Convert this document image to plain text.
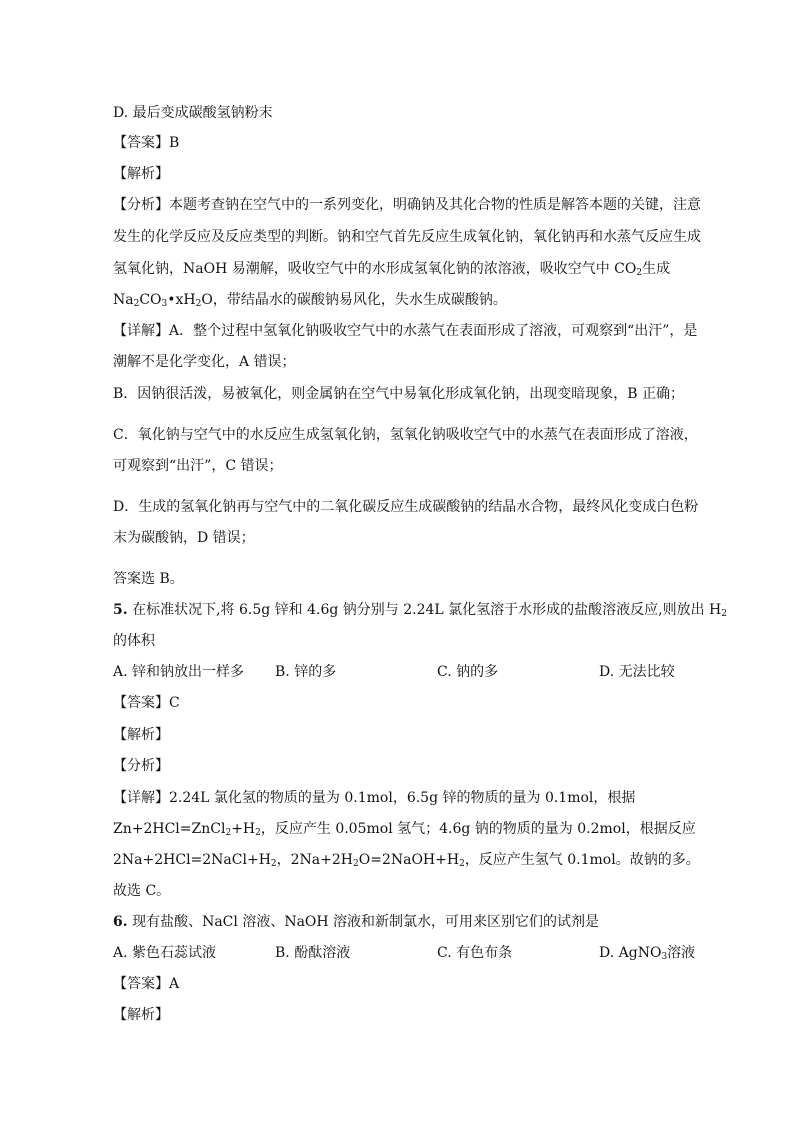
D. 最后变成碳酸氢钠粉末
【答案】B
【解析】
【分析】本题考查钠在空气中的一系列变化，明确钠及其化合物的性质是解答本题的关键，注意
发生的化学反应及反应类型的判断。钠和空气首先反应生成氧化钠，氧化钠再和水蒸气反应生成
氢氧化钠，NaOH 易潮解，吸收空气中的水形成氢氧化钠的浓溶液，吸收空气中 $CO_2$生成
$Na_2CO_3•xH_2O$，带结晶水的碳酸钠易风化，失水生成碳酸钠。
【详解】A．整个过程中氢氧化钠吸收空气中的水蒸气在表面形成了溶液，可观察到“出汗”，是
潮解不是化学变化，A 错误；
B．因钠很活泼，易被氧化，则金属钠在空气中易氧化形成氧化钠，出现变暗现象，B 正确；
C．氧化钠与空气中的水反应生成氢氧化钠，氢氧化钠吸收空气中的水蒸气在表面形成了溶液，
可观察到“出汗”，C 错误；
D．生成的氢氧化钠再与空气中的二氧化碳反应生成碳酸钠的结晶水合物，最终风化变成白色粉
末为碳酸钠，D 错误；
答案选 B。
5. 在标准状况下,将 6.5g 锌和 4.6g 钠分别与 2.24L 氯化氢溶于水形成的盐酸溶液反应,则放出 $H_2$
的体积
A. 锌和钠放出一样多 B. 锌的多	C. 钠的多	D. 无法比较
【答案】C
【解析】
【分析】
【详解】2.24L 氯化氢的物质的量为 0.1mol，6.5g 锌的物质的量为 0.1mol，根据
$Zn+2HCl=ZnCl_2+H_2$，反应产生 0.05mol 氢气；4.6g 钠的物质的量为 0.2mol，根据反应
$2Na+2HCl=2NaCl+H_2$，$2Na+2H_2O=2NaOH+H_2$，反应产生氢气 0.1mol。故钠的多。
故选 C。
6. 现有盐酸、NaCl 溶液、NaOH 溶液和新制氯水，可用来区别它们的试剂是
A. 紫色石蕊试液	B. 酚酞溶液	C. 有色布条	D. AgNO$_3$溶液
【答案】A
【解析】
